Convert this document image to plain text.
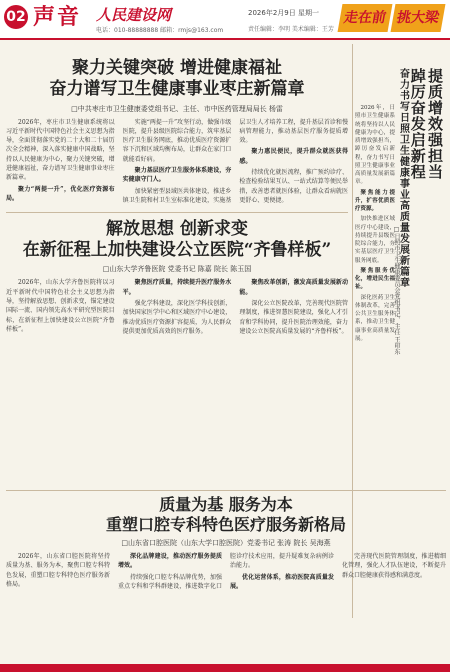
02 声音 人民建设网
电话：010-88888888 邮箱：rmjs@163.com
2026年2月9日 星期一
责任编辑：李明 美术编辑：王芳
走在前 挑大梁
聚力关键突破 增进健康福祉
奋力谱写卫生健康事业枣庄新篇章
□中共枣庄市卫生健康委党组书记、主任、市中医药管理局局长 杨雷

2026年，枣庄市卫生健康系统将以习近平新时代中国特色社会主义思想为指导，全面贯彻落实党的二十大和二十届历次全会精神，深入落实健康中国战略，坚持以人民健康为中心，聚力关键突破，增进健康福祉，奋力谱写卫生健康事业枣庄新篇章。

聚力“两提一升”，优化医疗资源布局。

实施“两提一升”攻坚行动，做强市级医院，提升县级医院综合能力，筑牢基层医疗卫生服务网底，推动优质医疗资源扩容下沉和区域均衡布局，让群众在家门口就能看好病。

聚力基层医疗卫生服务体系建设，夯实健康守门人。

加快紧密型县域医共体建设，推进乡镇卫生院和村卫生室标准化建设，实施基层卫生人才培养工程，提升基层首诊和慢病管理能力，推动基层医疗服务提质增效。

聚力惠民便民，提升群众就医获得感。

持续优化就医流程，推广预约诊疗、检查检验结果互认、一站式结算等便民举措，改善患者就医体验，让群众看病就医更舒心、更便捷。

解放思想 创新求变
在新征程上加快建设公立医院“齐鲁样板”
□山东大学齐鲁医院 党委书记 陈嘉 院长 陈玉国

2026年，山东大学齐鲁医院将以习近平新时代中国特色社会主义思想为指导，坚持解放思想、创新求变，锚定建设国际一流、国内领先高水平研究型医院目标，在新征程上加快建设公立医院“齐鲁样板”。

聚焦医疗质量，持续提升医疗服务水平。

强化学科建设，深化医学科技创新，加快国家医学中心和区域医疗中心建设，推动优质医疗资源扩容提质，为人民群众提供更加优质高效的医疗服务。

聚焦改革创新，激发高质量发展新动能。

深化公立医院改革，完善现代医院管理制度，推进智慧医院建设，强化人才引育和学科协同，提升医院治理效能，奋力建设公立医院高质量发展的“齐鲁样板”。

提质增效强担当
踔厉奋发启新程
奋力书写日照卫生健康事业高质量发展新篇章
□日照市卫生健康委员会党组书记、主任 王印东

2026年，日照市卫生健康系统将坚持以人民健康为中心，提质增效强担当，踔厉奋发启新程，奋力书写日照卫生健康事业高质量发展新篇章。

聚焦能力提升，扩容优质医疗资源。

加快推进区域医疗中心建设，持续提升县级医院综合能力，夯实基层医疗卫生服务网底。

聚焦服务优化，增进民生福祉。

深化医药卫生体制改革，完善公共卫生服务体系，推动卫生健康事业高质量发展。

质量为基 服务为本
重塑口腔专科特色医疗服务新格局
□山东省口腔医院（山东大学口腔医院）党委书记 张涛 院长 吴海燕

2026年，山东省口腔医院将坚持质量为基、服务为本，聚焦口腔专科特色发展，重塑口腔专科特色医疗服务新格局。

深化品牌建设，推动医疗服务提质增效。

持续强化口腔专科品牌优势，加强重点专科和学科群建设，推进数字化口腔诊疗技术应用，提升疑难复杂病例诊治能力。

优化运营体系，推动医院高质量发展。

完善现代医院管理制度，推进精细化管理，强化人才队伍建设，不断提升群众口腔健康获得感和满意度。
